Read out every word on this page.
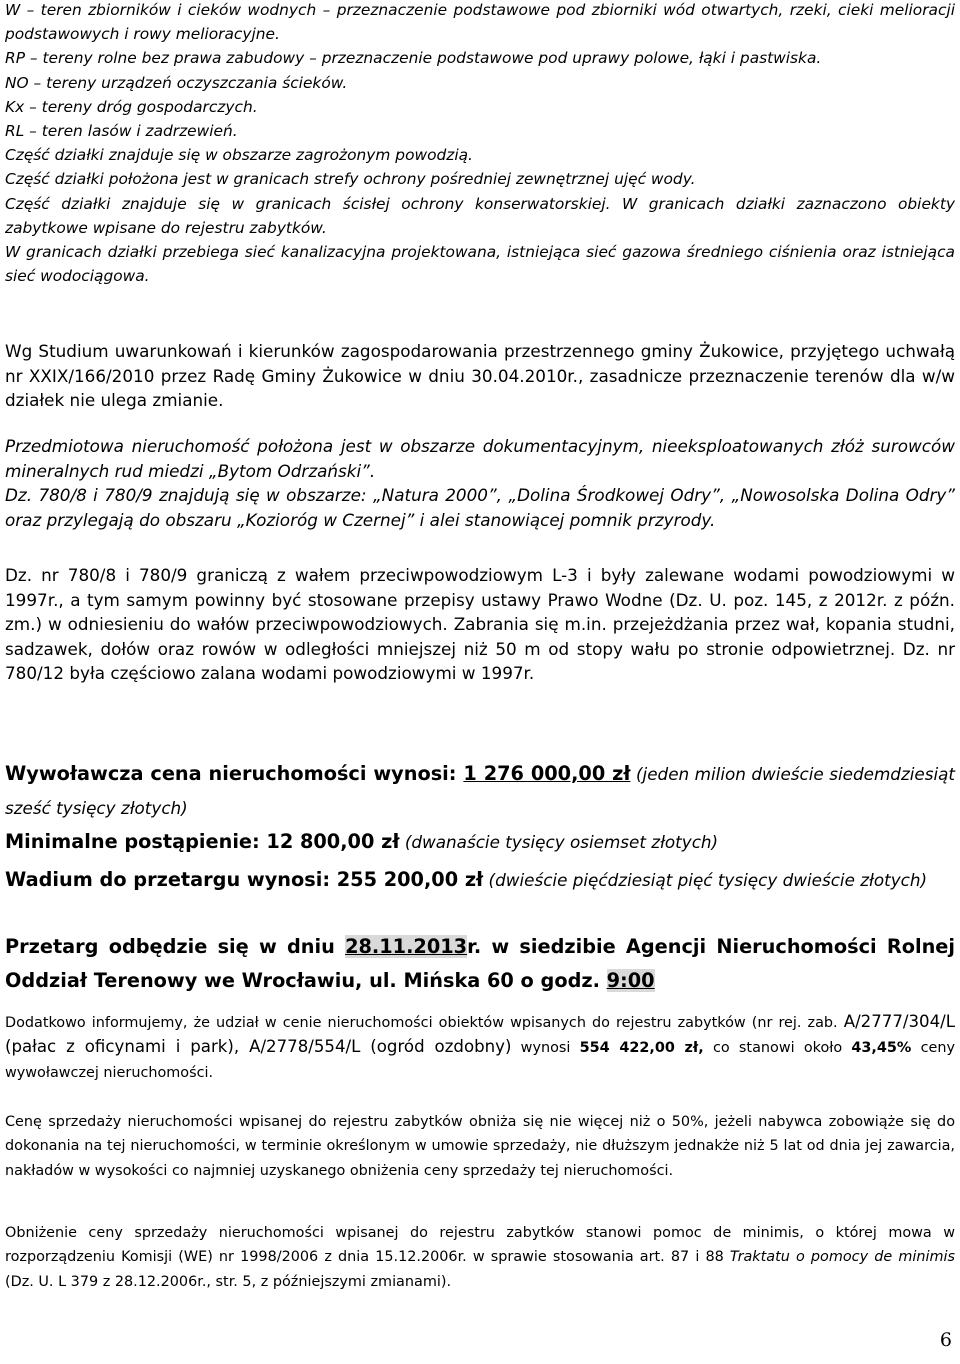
W – teren zbiorników i cieków wodnych – przeznaczenie podstawowe pod zbiorniki wód otwartych, rzeki, cieki melioracji podstawowych i rowy melioracyjne.

RP – tereny rolne bez prawa zabudowy – przeznaczenie podstawowe pod uprawy polowe, łąki i pastwiska.

NO – tereny urządzeń oczyszczania ścieków.

Kx – tereny dróg gospodarczych.

RL – teren lasów i zadrzewień.

Część działki znajduje się w obszarze zagrożonym powodzią.

Część działki położona jest w granicach strefy ochrony pośredniej zewnętrznej ujęć wody.

Część działki znajduje się w granicach ścisłej ochrony konserwatorskiej. W granicach działki zaznaczono obiekty zabytkowe wpisane do rejestru zabytków.

W granicach działki przebiega sieć kanalizacyjna projektowana, istniejąca sieć gazowa średniego ciśnienia oraz istniejąca sieć wodociągowa.

Wg Studium uwarunkowań i kierunków zagospodarowania przestrzennego gminy Żukowice, przyjętego uchwałą nr XXIX/166/2010 przez Radę Gminy Żukowice w dniu 30.04.2010r., zasadnicze przeznaczenie terenów dla w/w działek nie ulega zmianie.

Przedmiotowa nieruchomość położona jest w obszarze dokumentacyjnym, nieeksploatowanych złóż surowców mineralnych rud miedzi „Bytom Odrzański”.

Dz. 780/8 i 780/9 znajdują się w obszarze: „Natura 2000”, „Dolina Środkowej Odry”, „Nowosolska Dolina Odry” oraz przylegają do obszaru „Kozioróg w Czernej” i alei stanowiącej pomnik przyrody.

Dz. nr 780/8 i 780/9 graniczą z wałem przeciwpowodziowym L-3 i były zalewane wodami powodziowymi w 1997r., a tym samym powinny być stosowane przepisy ustawy Prawo Wodne (Dz. U. poz. 145, z 2012r. z późn. zm.) w odniesieniu do wałów przeciwpowodziowych. Zabrania się m.in. przejeżdżania przez wał, kopania studni, sadzawek, dołów oraz rowów w odległości mniejszej niż 50 m od stopy wału po stronie odpowietrznej. Dz. nr 780/12 była częściowo zalana wodami powodziowymi w 1997r.

Wywoławcza cena nieruchomości wynosi: 1 276 000,00 zł (jeden milion dwieście siedemdziesiąt sześć tysięcy złotych)

Minimalne postąpienie: 12 800,00 zł (dwanaście tysięcy osiemset złotych)

Wadium do przetargu wynosi: 255 200,00 zł (dwieście pięćdziesiąt pięć tysięcy dwieście złotych)

Przetarg odbędzie się w dniu 28.11.2013r. w siedzibie Agencji Nieruchomości Rolnej Oddział Terenowy we Wrocławiu, ul. Mińska 60 o godz. 9:00

Dodatkowo informujemy, że udział w cenie nieruchomości obiektów wpisanych do rejestru zabytków (nr rej. zab. A/2777/304/L (pałac z oficynami i park), A/2778/554/L (ogród ozdobny) wynosi 554 422,00 zł, co stanowi około 43,45% ceny wywoławczej nieruchomości.

Cenę sprzedaży nieruchomości wpisanej do rejestru zabytków obniża się nie więcej niż o 50%, jeżeli nabywca zobowiąże się do dokonania na tej nieruchomości, w terminie określonym w umowie sprzedaży, nie dłuższym jednakże niż 5 lat od dnia jej zawarcia, nakładów w wysokości co najmniej uzyskanego obniżenia ceny sprzedaży tej nieruchomości.

Obniżenie ceny sprzedaży nieruchomości wpisanej do rejestru zabytków stanowi pomoc de minimis, o której mowa w rozporządzeniu Komisji (WE) nr 1998/2006 z dnia 15.12.2006r. w sprawie stosowania art. 87 i 88 Traktatu o pomocy de minimis (Dz. U. L 379 z 28.12.2006r., str. 5, z późniejszymi zmianami).

6
